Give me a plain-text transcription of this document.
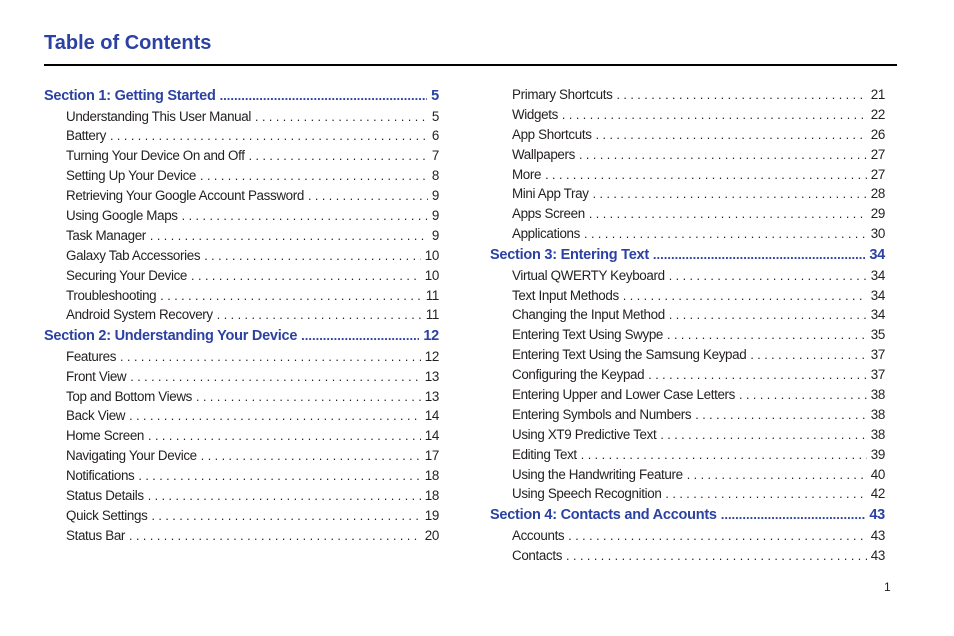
Table of Contents
Section 1: Getting Started .....	5
Understanding This User Manual . . .	5
Battery . . .	6
Turning Your Device On and Off . . .	7
Setting Up Your Device . . .	8
Retrieving Your Google Account Password . . .	9
Using Google Maps . . .	9
Task Manager . . .	9
Galaxy Tab Accessories . . .	10
Securing Your Device . . .	10
Troubleshooting . . .	11
Android System Recovery . . .	11
Section 2: Understanding Your Device .....	12
Features . . .	12
Front View . . .	13
Top and Bottom Views . . .	13
Back View . . .	14
Home Screen . . .	14
Navigating Your Device . . .	17
Notifications . . .	18
Status Details . . .	18
Quick Settings . . .	19
Status Bar . . .	20
Primary Shortcuts . . .	21
Widgets . . .	22
App Shortcuts . . .	26
Wallpapers . . .	27
More . . .	27
Mini App Tray . . .	28
Apps Screen . . .	29
Applications . . .	30
Section 3: Entering Text .....	34
Virtual QWERTY Keyboard . . .	34
Text Input Methods . . .	34
Changing the Input Method . . .	34
Entering Text Using Swype . . .	35
Entering Text Using the Samsung Keypad . . .	37
Configuring the Keypad . . .	37
Entering Upper and Lower Case Letters . . .	38
Entering Symbols and Numbers . . .	38
Using XT9 Predictive Text . . .	38
Editing Text . . .	39
Using the Handwriting Feature . . .	40
Using Speech Recognition . . .	42
Section 4: Contacts and Accounts .....	43
Accounts . . .	43
Contacts . . .	43
1
